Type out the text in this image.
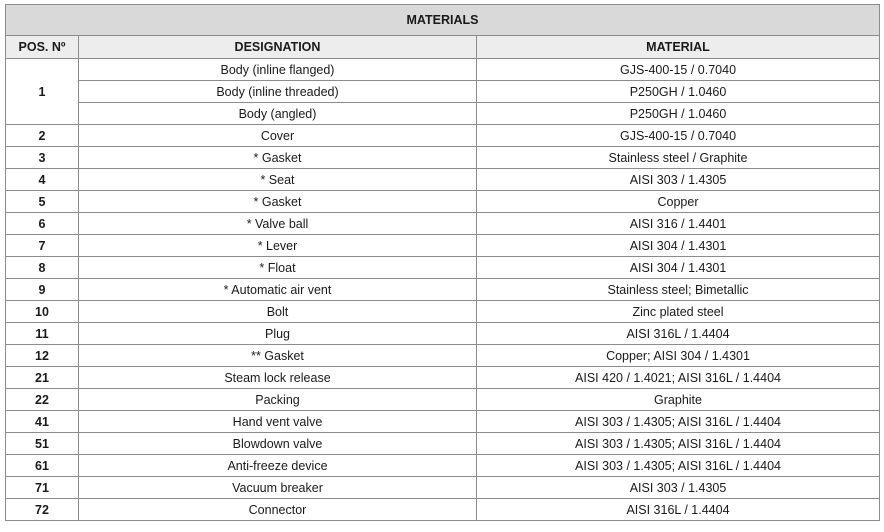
MATERIALS		
POS. Nº	DESIGNATION	MATERIAL
1	Body (inline flanged)	GJS-400-15 / 0.7040
	Body (inline threaded)	P250GH / 1.0460
	Body (angled)	P250GH / 1.0460
2	Cover	GJS-400-15 / 0.7040
3	* Gasket	Stainless steel / Graphite
4	* Seat	AISI 303 / 1.4305
5	* Gasket	Copper
6	* Valve ball	AISI 316 / 1.4401
7	* Lever	AISI 304 / 1.4301
8	* Float	AISI 304 / 1.4301
9	* Automatic air vent	Stainless steel; Bimetallic
10	Bolt	Zinc plated steel
11	Plug	AISI 316L / 1.4404
12	** Gasket	Copper; AISI 304 / 1.4301
21	Steam lock release	AISI 420 / 1.4021; AISI 316L / 1.4404
22	Packing	Graphite
41	Hand vent valve	AISI 303 / 1.4305; AISI 316L / 1.4404
51	Blowdown valve	AISI 303 / 1.4305; AISI 316L / 1.4404
61	Anti-freeze device	AISI 303 / 1.4305; AISI 316L / 1.4404
71	Vacuum breaker	AISI 303 / 1.4305
72	Connector	AISI 316L / 1.4404
